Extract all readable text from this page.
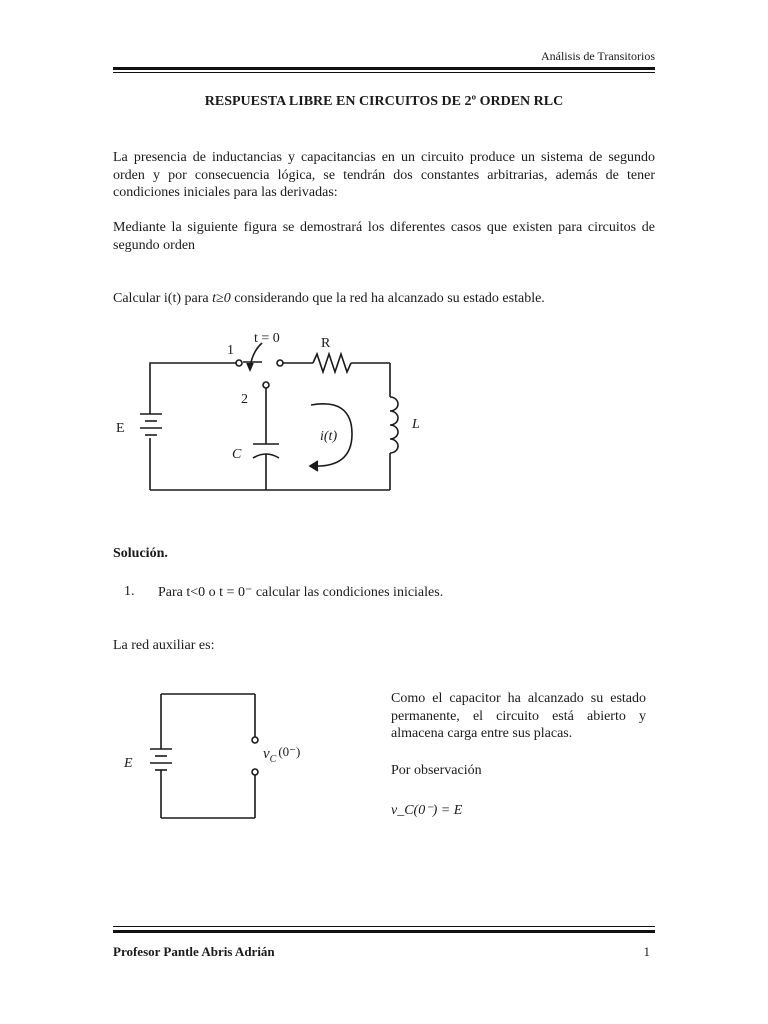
Análisis de Transitorios
RESPUESTA LIBRE EN CIRCUITOS DE 2º ORDEN RLC

La presencia de inductancias y capacitancias en un circuito produce un sistema de segundo orden y por consecuencia lógica, se tendrán dos constantes arbitrarias, además de tener condiciones iniciales para las derivadas:

Mediante la siguiente figura se demostrará los diferentes casos que existen para circuitos de segundo orden

Calcular i(t) para t≥0 considerando que la red ha alcanzado su estado estable.

t = 0
1
2
E
R
C
L
i(t)
Solución.
1. Para t<0 o t = 0⁻ calcular las condiciones iniciales.
La red auxiliar es:
E
$v_C(0^-)$
Como el capacitor ha alcanzado su estado permanente, el circuito está abierto y almacena carga entre sus placas.
Por observación
v_C(0⁻) = E
Profesor Pantle Abris Adrián	1
